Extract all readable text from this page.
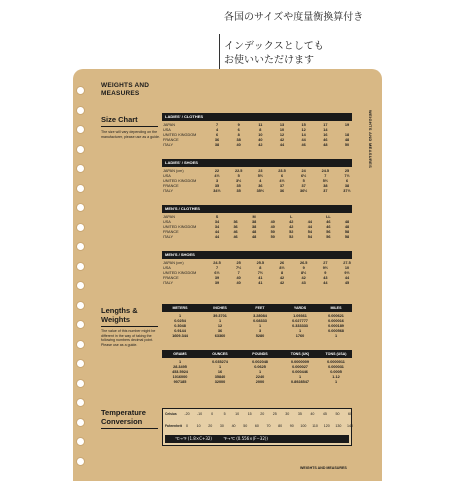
各国のサイズや度量衡換算付き
インデックスとしても
お使いいただけます
WEIGHTS AND
MEASURES
WEIGHTS AND MEASURES
Size Chart
The size will vary depending on the manufacturer, please use as a guide.
LADIES' / CLOTHES
JAPAN	7	9	11	13	15	17	19
USA	4	6	8	10	12	14
UNITED KINGDOM	6	8	10	12	14	16	18
FRANCE	36	38	40	42	44	46	48
ITALY	38	40	42	44	46	48	50
LADIES' / SHOES
JAPAN (cm)	22	22.5	23	23.5	24	24.5	25
USA	4½	5	5½	6	6½	7	7½
UNITED KINGDOM	3	3½	4	4½	5	5½	6
FRANCE	35	35	36	37	37	38	38
ITALY	34½	35	35½	36	36½	37	37½
MEN'S / CLOTHES
JAPAN	S	M	L	LL
USA	34	36	38	40	42	44	46	48
UNITED KINGDOM	34	36	38	40	42	44	46	48
FRANCE	44	46	48	50	52	54	56	58
ITALY	44	46	48	50	52	54	56	58
MEN'S / SHOES
JAPAN (cm)	24.5	25	25.5	26	26.5	27	27.5
USA	7	7½	8	8½	9	9½	10
UNITED KINGDOM	6½	7	7½	8	8½	9	9½
FRANCE	39	40	41	42	42	43	44
ITALY	39	40	41	42	43	44	45
Lengths &
Weights
The value of this number might be different in the way of taking the following numbers decimal point. Please use as a guide.
METERS	INCHES	FEET	YARDS	MILES
1	39.3701	3.28084	1.09361	0.000621
0.0254	1	0.08333	0.027777	0.000016
0.3048	12	1	0.333333	0.000189
0.9144	36	3	1	0.000568
1609.344	63360	5280	1760	1
GRAMS	OUNCES	POUNDS	TONS (UK)	TONS (USA)
1	0.035274	0.002048	0.0000009	0.0000011
28.3495	1	0.0625	0.000027	0.000031
453.5924	16	1	0.000446	0.0005
1016000	35840	2240	1	1.12
907185	32000	2000	0.8928547	1
Temperature
Conversion
Celsius -20 -10 0	5	10 15 20 25 30 35 40 45 50 60
Fahrenheit 0 10 20 30 40 50 60 70 80 90 100 110 120 130 140
℃→℉ (1.8×C+32)	℉→℃ (0.556×(F−32))
WEIGHTS AND MEASURES
